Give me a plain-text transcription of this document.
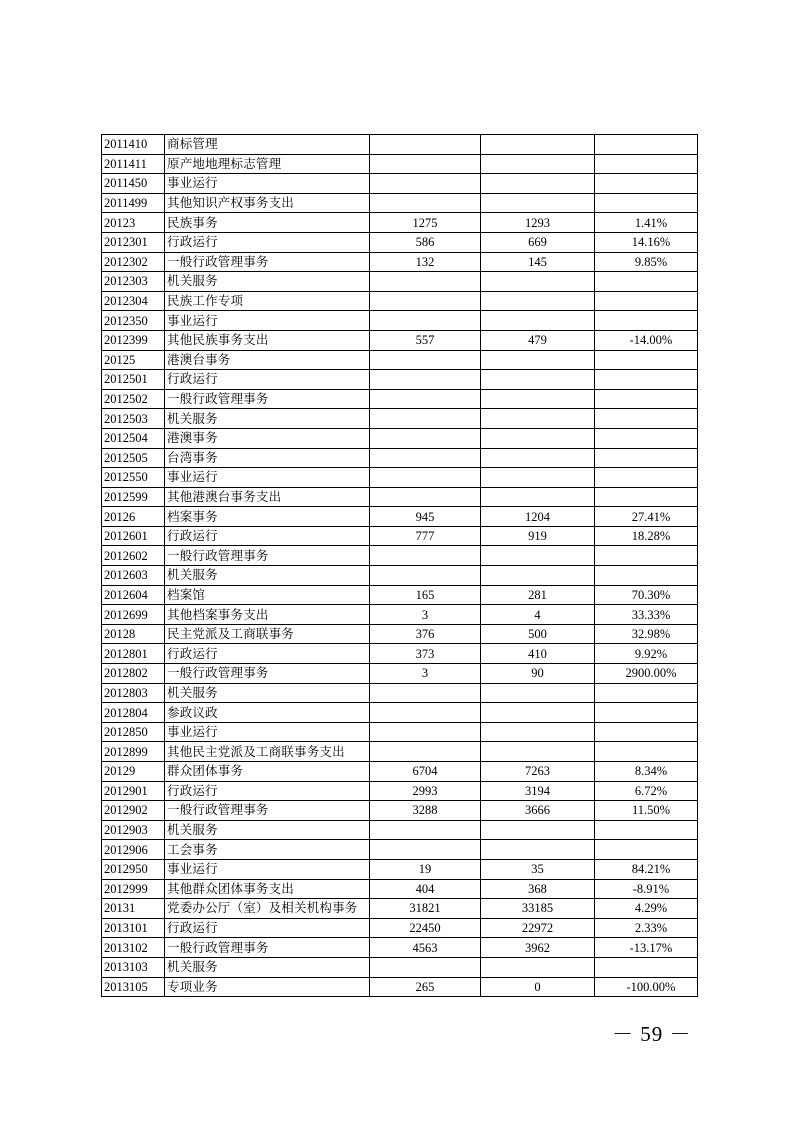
2011410	商标管理			
2011411	原产地地理标志管理			
2011450	事业运行			
2011499	其他知识产权事务支出			
20123	民族事务	1275	1293	1.41%
2012301	行政运行	586	669	14.16%
2012302	一般行政管理事务	132	145	9.85%
2012303	机关服务			
2012304	民族工作专项			
2012350	事业运行			
2012399	其他民族事务支出	557	479	-14.00%
20125	港澳台事务			
2012501	行政运行			
2012502	一般行政管理事务			
2012503	机关服务			
2012504	港澳事务			
2012505	台湾事务			
2012550	事业运行			
2012599	其他港澳台事务支出			
20126	档案事务	945	1204	27.41%
2012601	行政运行	777	919	18.28%
2012602	一般行政管理事务			
2012603	机关服务			
2012604	档案馆	165	281	70.30%
2012699	其他档案事务支出	3	4	33.33%
20128	民主党派及工商联事务	376	500	32.98%
2012801	行政运行	373	410	9.92%
2012802	一般行政管理事务	3	90	2900.00%
2012803	机关服务			
2012804	参政议政			
2012850	事业运行			
2012899	其他民主党派及工商联事务支出			
20129	群众团体事务	6704	7263	8.34%
2012901	行政运行	2993	3194	6.72%
2012902	一般行政管理事务	3288	3666	11.50%
2012903	机关服务			
2012906	工会事务			
2012950	事业运行	19	35	84.21%
2012999	其他群众团体事务支出	404	368	-8.91%
20131	党委办公厅（室）及相关机构事务	31821	33185	4.29%
2013101	行政运行	22450	22972	2.33%
2013102	一般行政管理事务	4563	3962	-13.17%
2013103	机关服务			
2013105	专项业务	265	0	-100.00%
－ 59 －
